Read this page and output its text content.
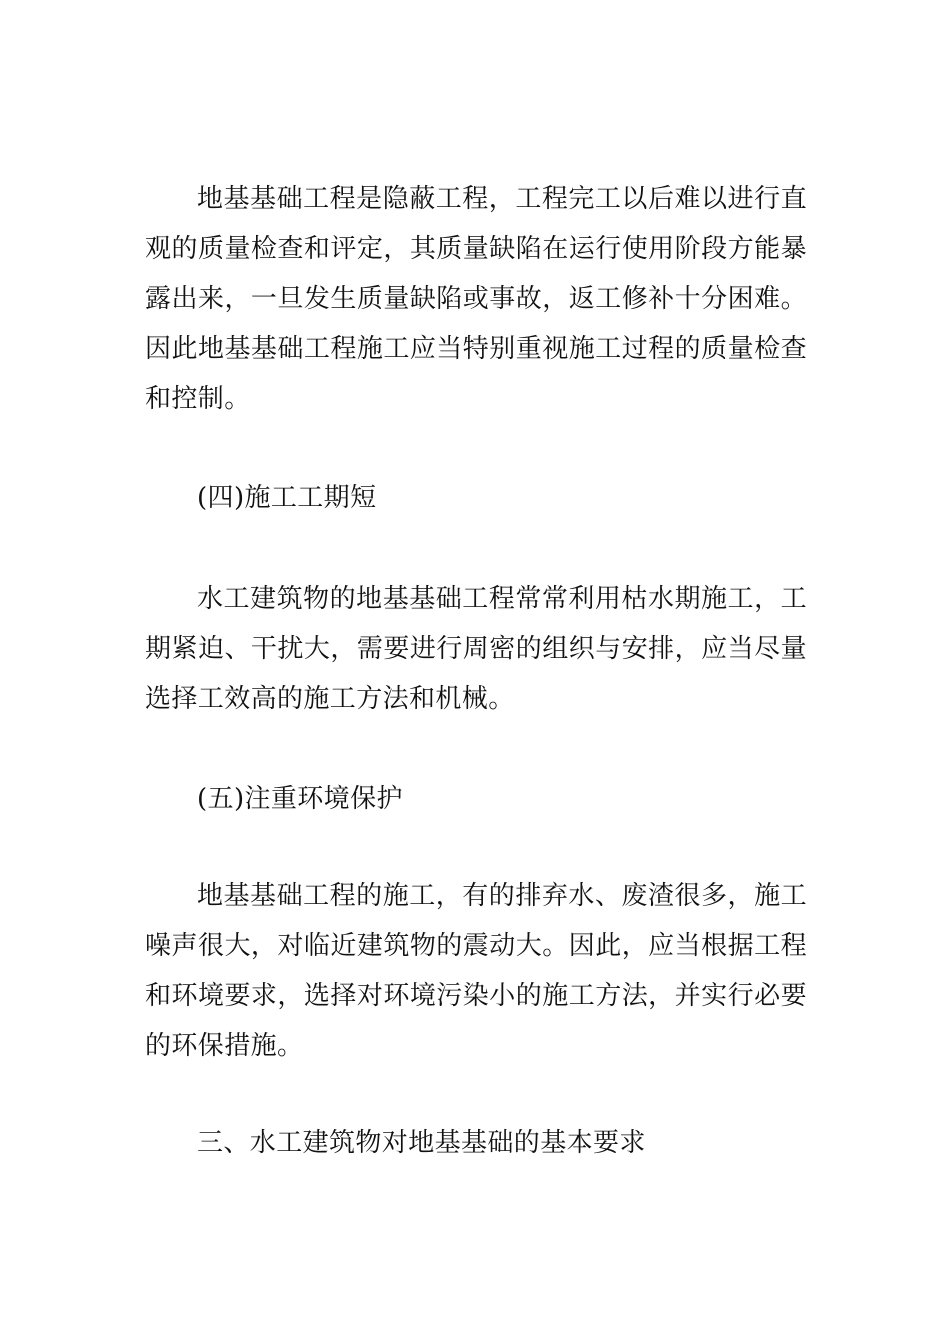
地基基础工程是隐蔽工程，工程完工以后难以进行直观的质量检查和评定，其质量缺陷在运行使用阶段方能暴露出来，一旦发生质量缺陷或事故，返工修补十分困难。因此地基基础工程施工应当特别重视施工过程的质量检查和控制。

(四)施工工期短

水工建筑物的地基基础工程常常利用枯水期施工，工期紧迫、干扰大，需要进行周密的组织与安排，应当尽量选择工效高的施工方法和机械。

(五)注重环境保护

地基基础工程的施工，有的排弃水、废渣很多，施工噪声很大，对临近建筑物的震动大。因此，应当根据工程和环境要求，选择对环境污染小的施工方法，并实行必要的环保措施。

三、水工建筑物对地基基础的基本要求
